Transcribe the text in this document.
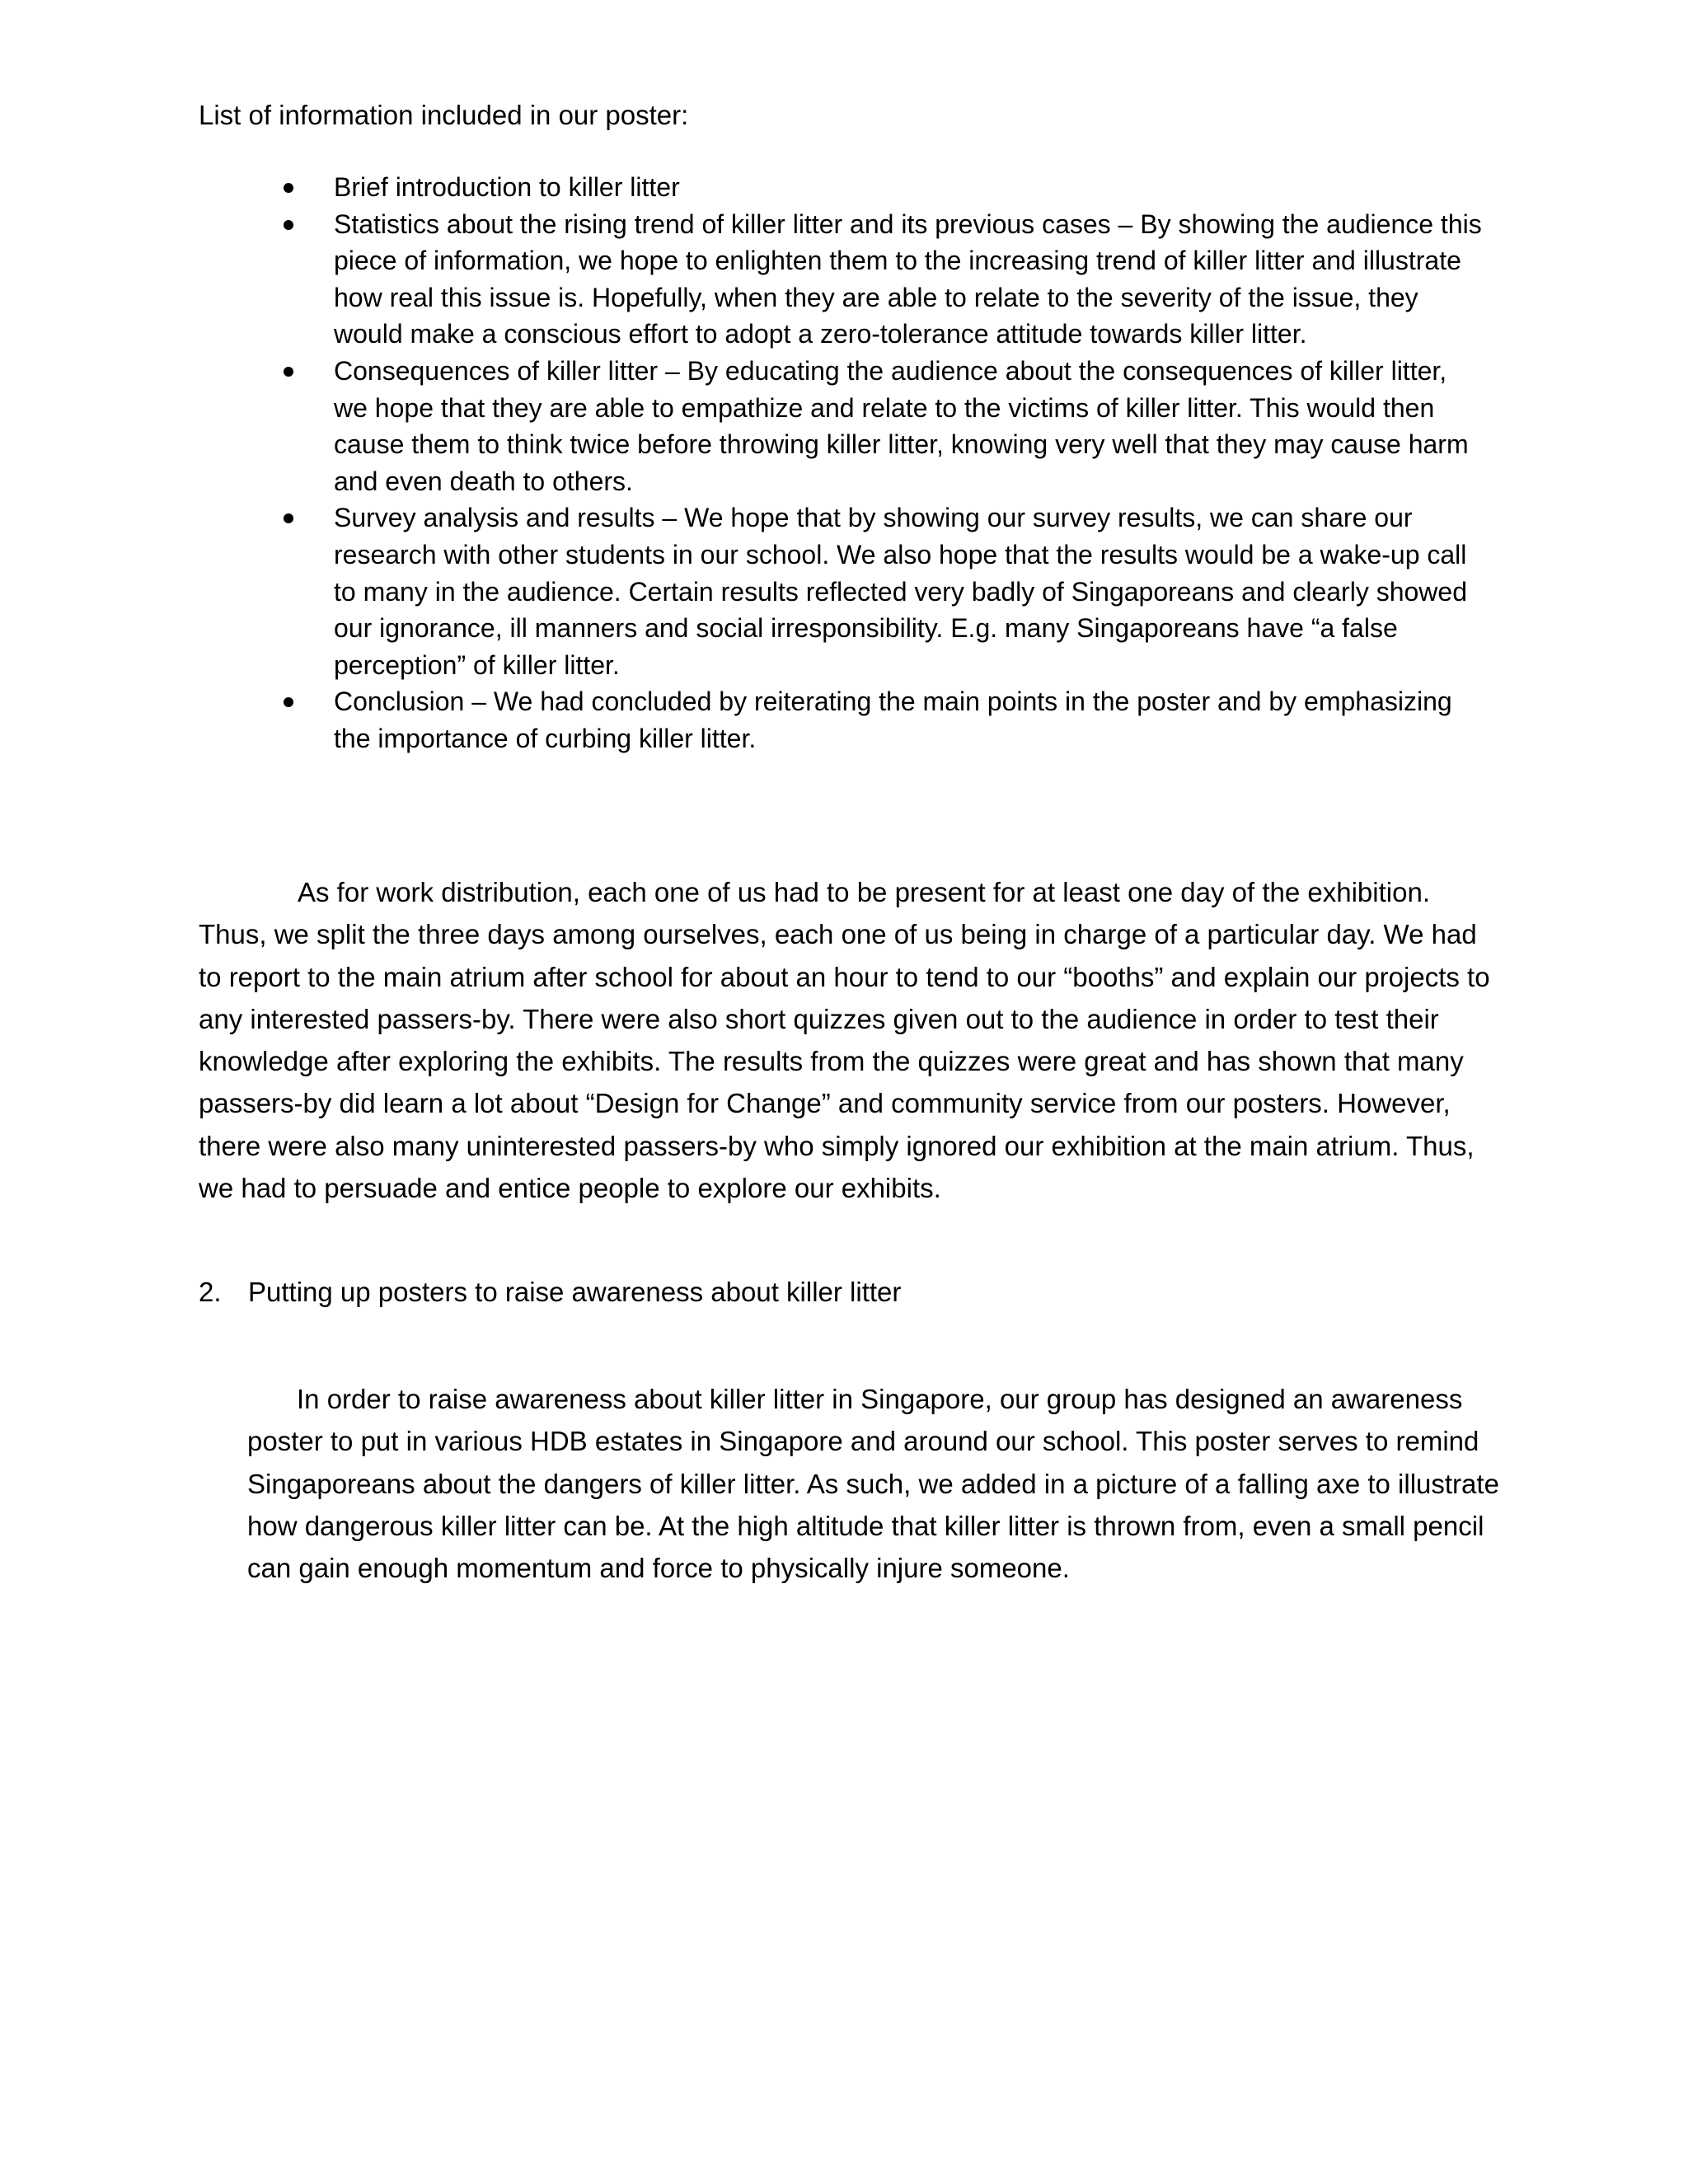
List of information included in our poster:
Brief introduction to killer litter
Statistics about the rising trend of killer litter and its previous cases – By showing the audience this piece of information, we hope to enlighten them to the increasing trend of killer litter and illustrate how real this issue is. Hopefully, when they are able to relate to the severity of the issue, they would make a conscious effort to adopt a zero-tolerance attitude towards killer litter.
Consequences of killer litter – By educating the audience about the consequences of killer litter, we hope that they are able to empathize and relate to the victims of killer litter. This would then cause them to think twice before throwing killer litter, knowing very well that they may cause harm and even death to others.
Survey analysis and results – We hope that by showing our survey results, we can share our research with other students in our school. We also hope that the results would be a wake-up call to many in the audience. Certain results reflected very badly of Singaporeans and clearly showed our ignorance, ill manners and social irresponsibility. E.g. many Singaporeans have “a false perception” of killer litter.
Conclusion – We had concluded by reiterating the main points in the poster and by emphasizing the importance of curbing killer litter.

As for work distribution, each one of us had to be present for at least one day of the exhibition. Thus, we split the three days among ourselves, each one of us being in charge of a particular day. We had to report to the main atrium after school for about an hour to tend to our “booths” and explain our projects to any interested passers-by. There were also short quizzes given out to the audience in order to test their knowledge after exploring the exhibits. The results from the quizzes were great and has shown that many passers-by did learn a lot about “Design for Change” and community service from our posters. However, there were also many uninterested passers-by who simply ignored our exhibition at the main atrium. Thus, we had to persuade and entice people to explore our exhibits.

2. Putting up posters to raise awareness about killer litter

In order to raise awareness about killer litter in Singapore, our group has designed an awareness poster to put in various HDB estates in Singapore and around our school. This poster serves to remind Singaporeans about the dangers of killer litter. As such, we added in a picture of a falling axe to illustrate how dangerous killer litter can be. At the high altitude that killer litter is thrown from, even a small pencil can gain enough momentum and force to physically injure someone.
